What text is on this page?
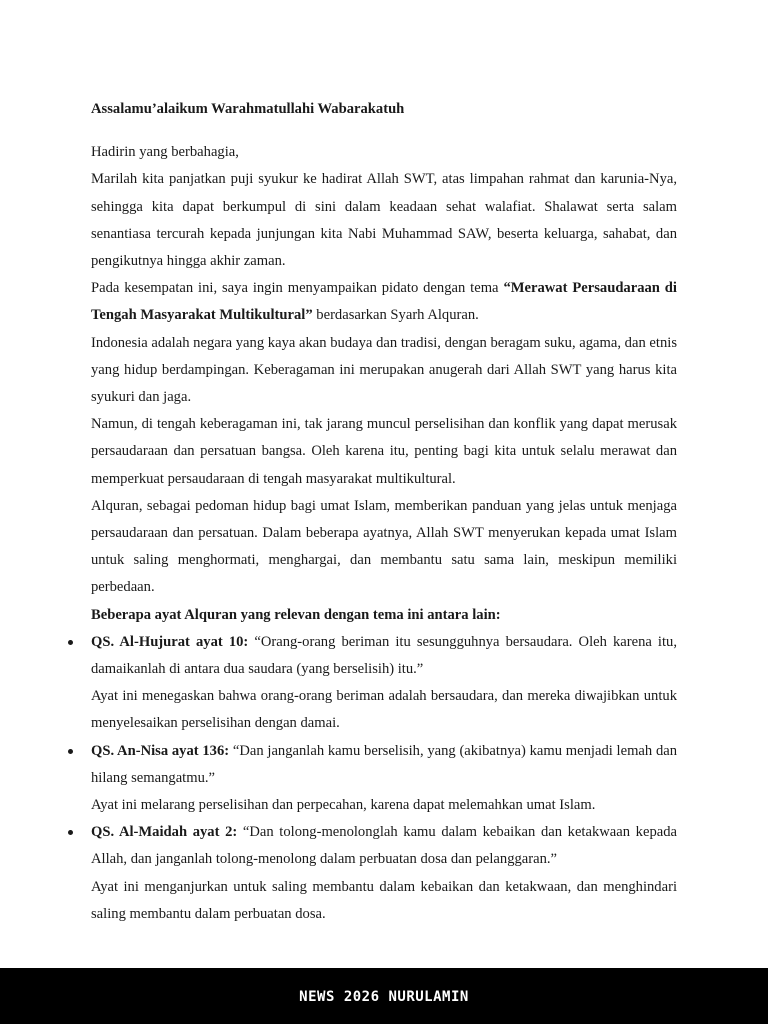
Assalamu’alaikum Warahmatullahi Wabarakatuh

Hadirin yang berbahagia,

Marilah kita panjatkan puji syukur ke hadirat Allah SWT, atas limpahan rahmat dan karunia-Nya, sehingga kita dapat berkumpul di sini dalam keadaan sehat walafiat. Shalawat serta salam senantiasa tercurah kepada junjungan kita Nabi Muhammad SAW, beserta keluarga, sahabat, dan pengikutnya hingga akhir zaman.

Pada kesempatan ini, saya ingin menyampaikan pidato dengan tema “Merawat Persaudaraan di Tengah Masyarakat Multikultural” berdasarkan Syarh Alquran.

Indonesia adalah negara yang kaya akan budaya dan tradisi, dengan beragam suku, agama, dan etnis yang hidup berdampingan. Keberagaman ini merupakan anugerah dari Allah SWT yang harus kita syukuri dan jaga.

Namun, di tengah keberagaman ini, tak jarang muncul perselisihan dan konflik yang dapat merusak persaudaraan dan persatuan bangsa. Oleh karena itu, penting bagi kita untuk selalu merawat dan memperkuat persaudaraan di tengah masyarakat multikultural.

Alquran, sebagai pedoman hidup bagi umat Islam, memberikan panduan yang jelas untuk menjaga persaudaraan dan persatuan. Dalam beberapa ayatnya, Allah SWT menyerukan kepada umat Islam untuk saling menghormati, menghargai, dan membantu satu sama lain, meskipun memiliki perbedaan.

Beberapa ayat Alquran yang relevan dengan tema ini antara lain:

QS. Al-Hujurat ayat 10: “Orang-orang beriman itu sesungguhnya bersaudara. Oleh karena itu, damaikanlah di antara dua saudara (yang berselisih) itu.”

Ayat ini menegaskan bahwa orang-orang beriman adalah bersaudara, dan mereka diwajibkan untuk menyelesaikan perselisihan dengan damai.

QS. An-Nisa ayat 136: “Dan janganlah kamu berselisih, yang (akibatnya) kamu menjadi lemah dan hilang semangatmu.”

Ayat ini melarang perselisihan dan perpecahan, karena dapat melemahkan umat Islam.

QS. Al-Maidah ayat 2: “Dan tolong-menolonglah kamu dalam kebaikan dan ketakwaan kepada Allah, dan janganlah tolong-menolong dalam perbuatan dosa dan pelanggaran.”

Ayat ini menganjurkan untuk saling membantu dalam kebaikan dan ketakwaan, dan menghindari saling membantu dalam perbuatan dosa.

NEWS 2026 NURULAMIN
